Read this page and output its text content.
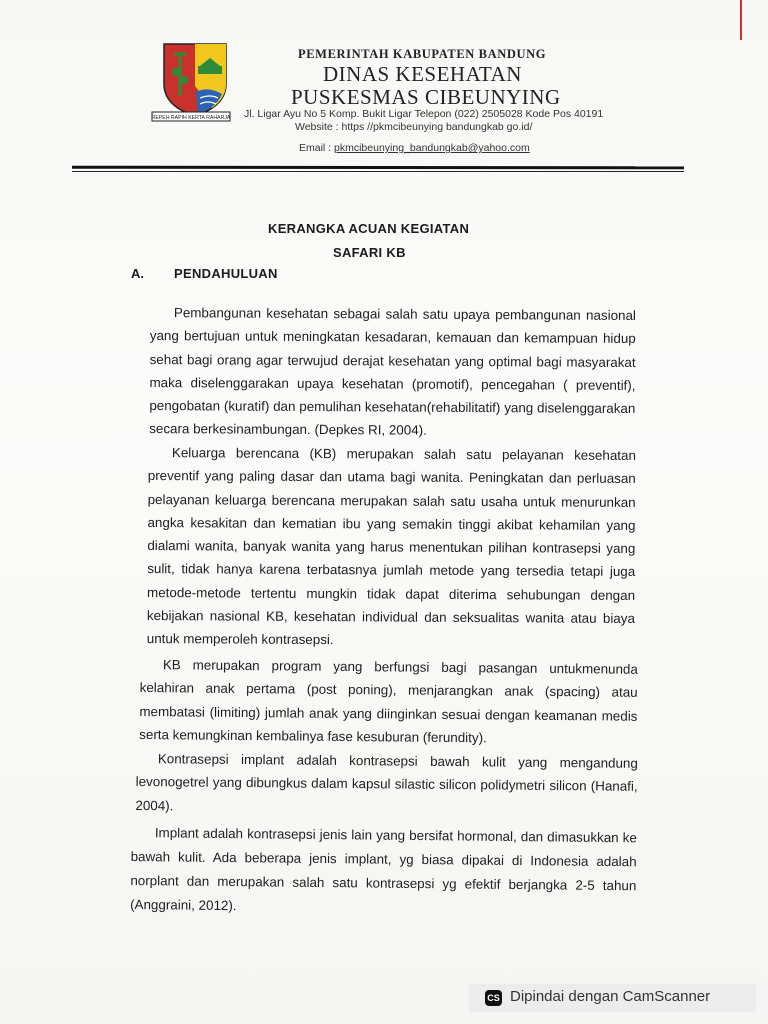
REPEH RAPIH KERTA RAHARJA
PEMERINTAH KABUPATEN BANDUNG
DINAS KESEHATAN
PUSKESMAS CIBEUNYING
Jl. Ligar Ayu No 5 Komp. Bukit Ligar Telepon (022) 2505028 Kode Pos 40191
Website : https //pkmcibeunying bandungkab go.id/
Email : pkmcibeunying_bandungkab@yahoo.com
KERANGKA ACUAN KEGIATAN
SAFARI KB
A. PENDAHULUAN

Pembangunan kesehatan sebagai salah satu upaya pembangunan nasional yang bertujuan untuk meningkatan kesadaran, kemauan dan kemampuan hidup sehat bagi orang agar terwujud derajat kesehatan yang optimal bagi masyarakat maka diselenggarakan upaya kesehatan (promotif), pencegahan ( preventif), pengobatan (kuratif) dan pemulihan kesehatan(rehabilitatif) yang diselenggarakan secara berkesinambungan. (Depkes RI, 2004).

Keluarga berencana (KB) merupakan salah satu pelayanan kesehatan preventif yang paling dasar dan utama bagi wanita. Peningkatan dan perluasan pelayanan keluarga berencana merupakan salah satu usaha untuk menurunkan angka kesakitan dan kematian ibu yang semakin tinggi akibat kehamilan yang dialami wanita, banyak wanita yang harus menentukan pilihan kontrasepsi yang sulit, tidak hanya karena terbatasnya jumlah metode yang tersedia tetapi juga metode-metode tertentu mungkin tidak dapat diterima sehubungan dengan kebijakan nasional KB, kesehatan individual dan seksualitas wanita atau biaya untuk memperoleh kontrasepsi.

KB merupakan program yang berfungsi bagi pasangan untukmenunda kelahiran anak pertama (post poning), menjarangkan anak (spacing) atau membatasi (limiting) jumlah anak yang diinginkan sesuai dengan keamanan medis serta kemungkinan kembalinya fase kesuburan (ferundity).

Kontrasepsi implant adalah kontrasepsi bawah kulit yang mengandung levonogetrel yang dibungkus dalam kapsul silastic silicon polidymetri silicon (Hanafi, 2004).

Implant adalah kontrasepsi jenis lain yang bersifat hormonal, dan dimasukkan ke bawah kulit. Ada beberapa jenis implant, yg biasa dipakai di Indonesia adalah norplant dan merupakan salah satu kontrasepsi yg efektif berjangka 2-5 tahun (Anggraini, 2012).

CS Dipindai dengan CamScanner
